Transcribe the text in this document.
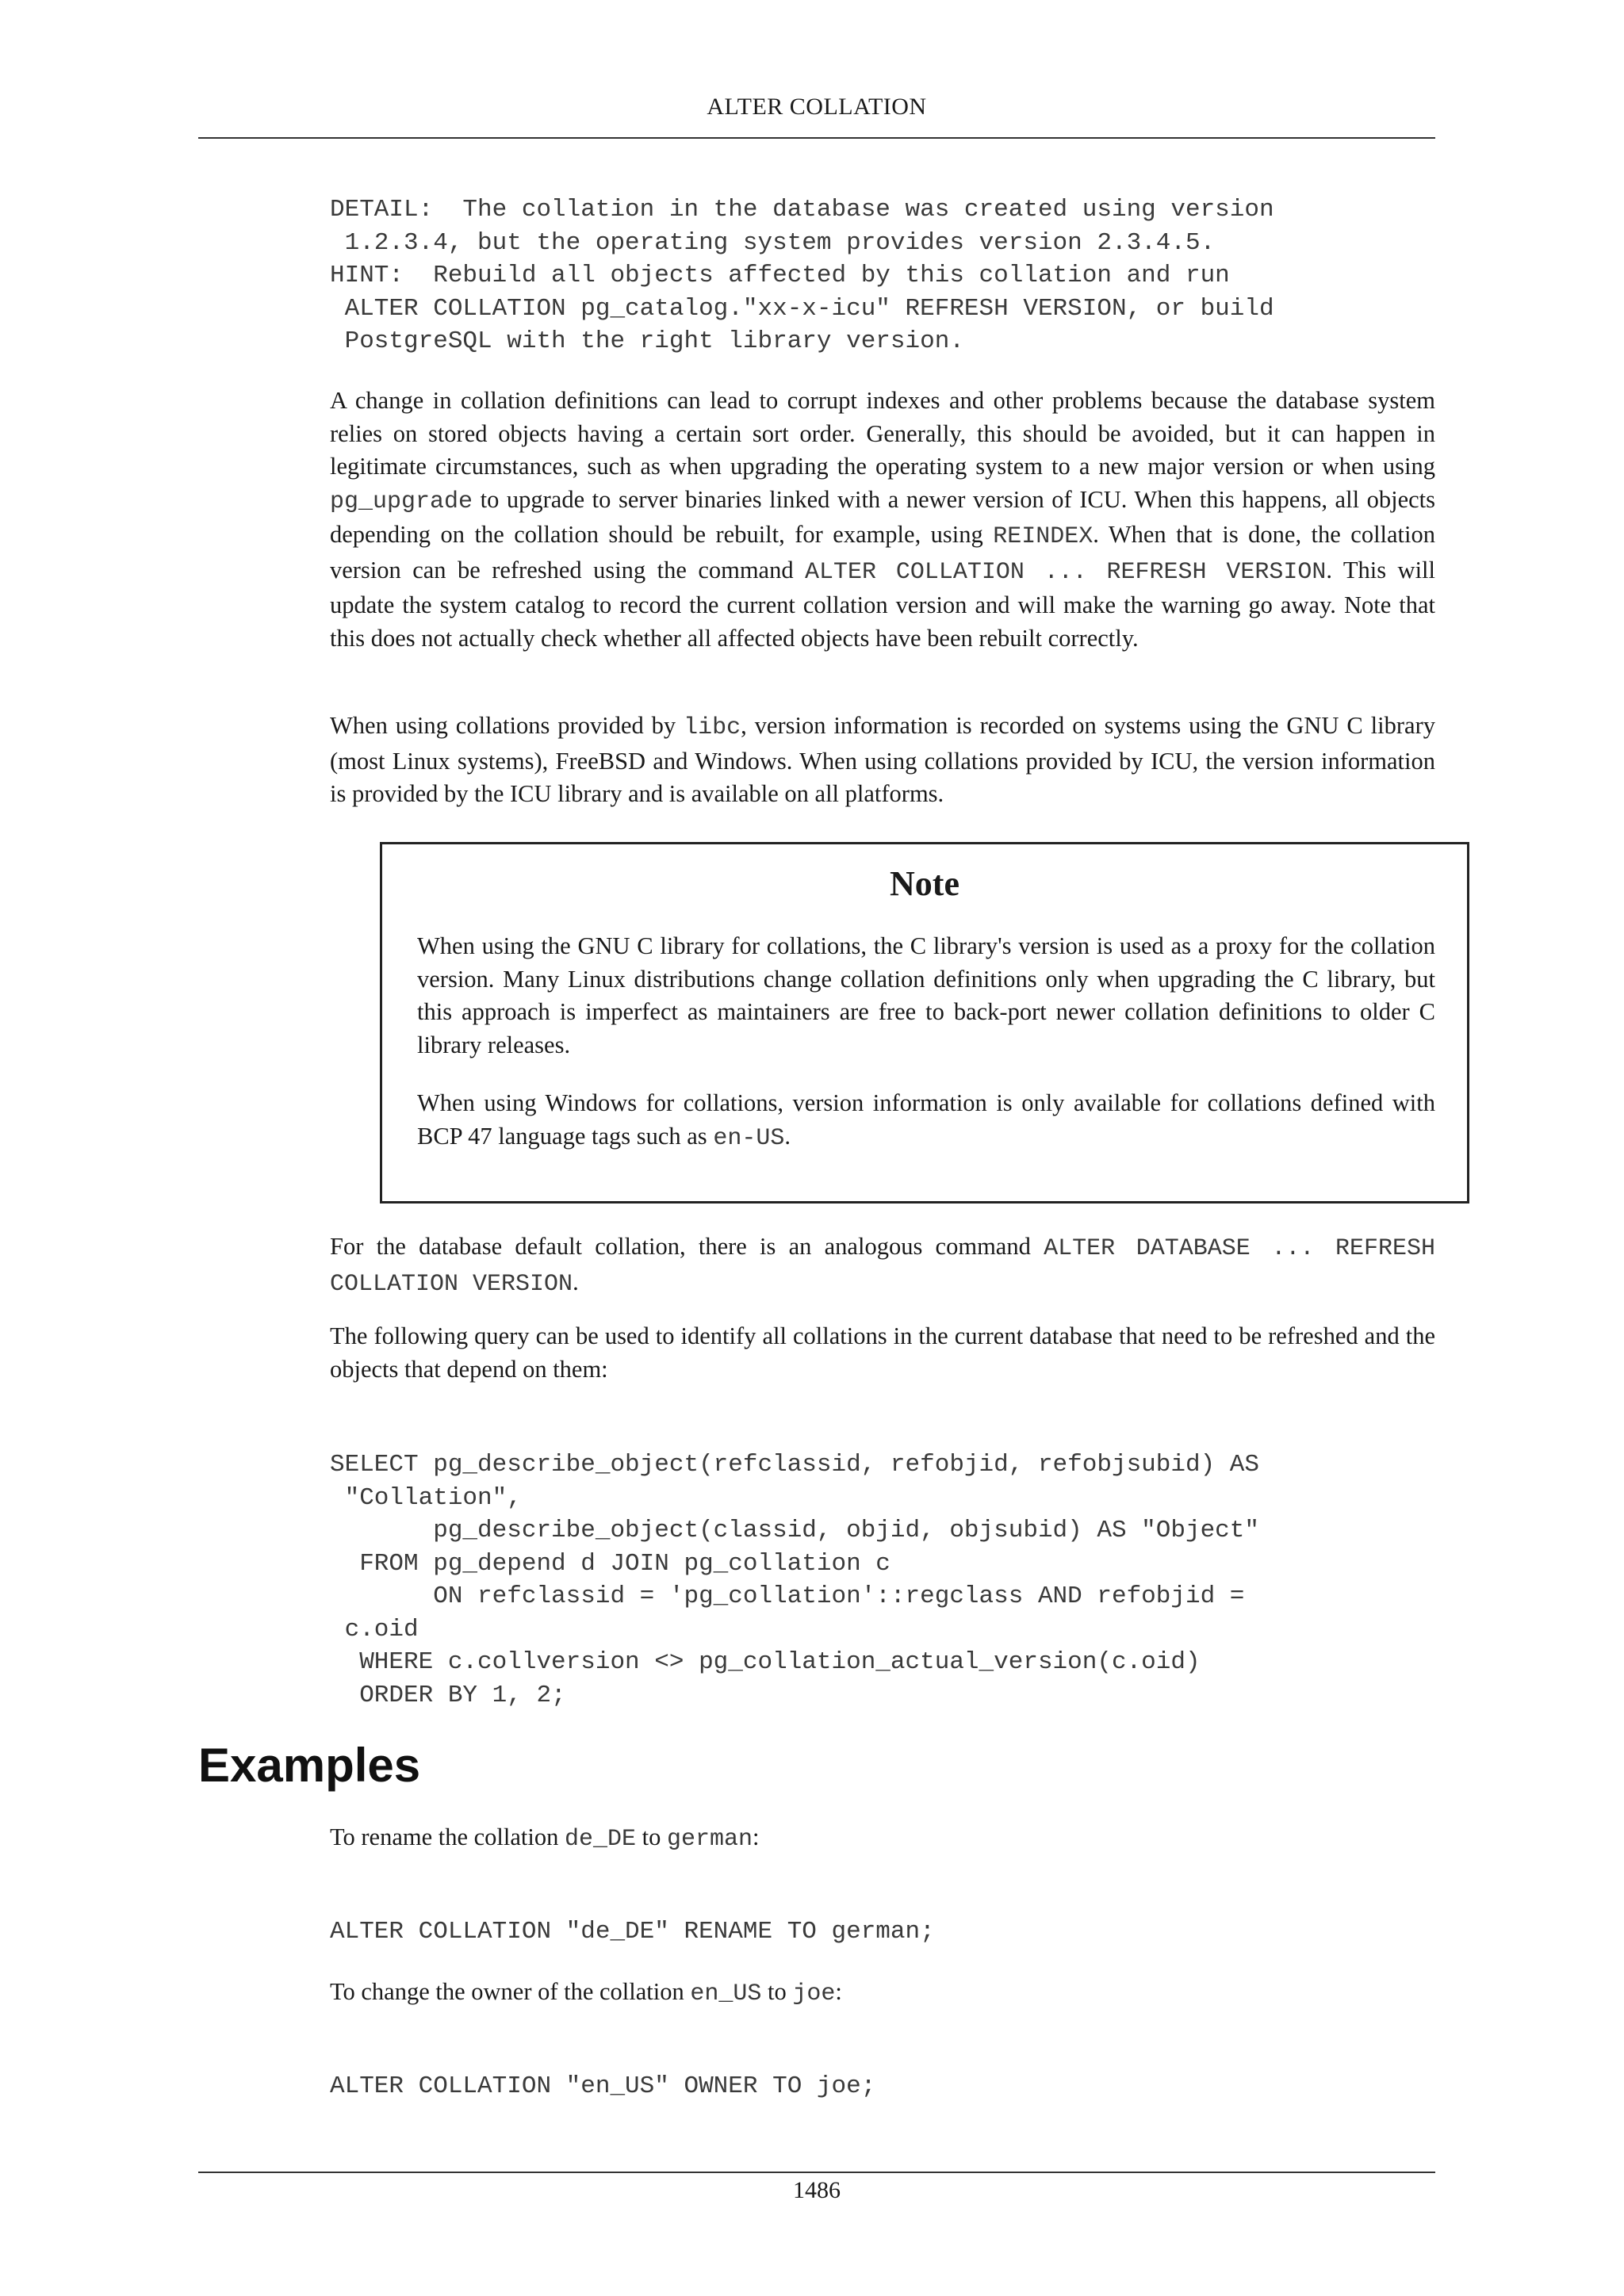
ALTER COLLATION
DETAIL:  The collation in the database was created using version
1.2.3.4, but the operating system provides version 2.3.4.5.
HINT:  Rebuild all objects affected by this collation and run
ALTER COLLATION pg_catalog."xx-x-icu" REFRESH VERSION, or build
PostgreSQL with the right library version.

A change in collation definitions can lead to corrupt indexes and other problems because the database system relies on stored objects having a certain sort order. Generally, this should be avoided, but it can happen in legitimate circumstances, such as when upgrading the operating system to a new major version or when using pg_upgrade to upgrade to server binaries linked with a newer version of ICU. When this happens, all objects depending on the collation should be rebuilt, for example, using REINDEX. When that is done, the collation version can be refreshed using the command ALTER COLLATION ... REFRESH VERSION. This will update the system catalog to record the current collation version and will make the warning go away. Note that this does not actually check whether all affected objects have been rebuilt correctly.

When using collations provided by libc, version information is recorded on systems using the GNU C library (most Linux systems), FreeBSD and Windows. When using collations provided by ICU, the version information is provided by the ICU library and is available on all platforms.

Note

When using the GNU C library for collations, the C library's version is used as a proxy for the collation version. Many Linux distributions change collation definitions only when upgrading the C library, but this approach is imperfect as maintainers are free to back-port newer collation definitions to older C library releases.

When using Windows for collations, version information is only available for collations defined with BCP 47 language tags such as en-US.

For the database default collation, there is an analogous command ALTER DATABASE ... REFRESH COLLATION VERSION.

The following query can be used to identify all collations in the current database that need to be refreshed and the objects that depend on them:

SELECT pg_describe_object(refclassid, refobjid, refobjsubid) AS
"Collation",
pg_describe_object(classid, objid, objsubid) AS "Object"
FROM pg_depend d JOIN pg_collation c
ON refclassid = 'pg_collation'::regclass AND refobjid =
c.oid
WHERE c.collversion <> pg_collation_actual_version(c.oid)
ORDER BY 1, 2;
Examples

To rename the collation de_DE to german:

ALTER COLLATION "de_DE" RENAME TO german;

To change the owner of the collation en_US to joe:

ALTER COLLATION "en_US" OWNER TO joe;
1486
